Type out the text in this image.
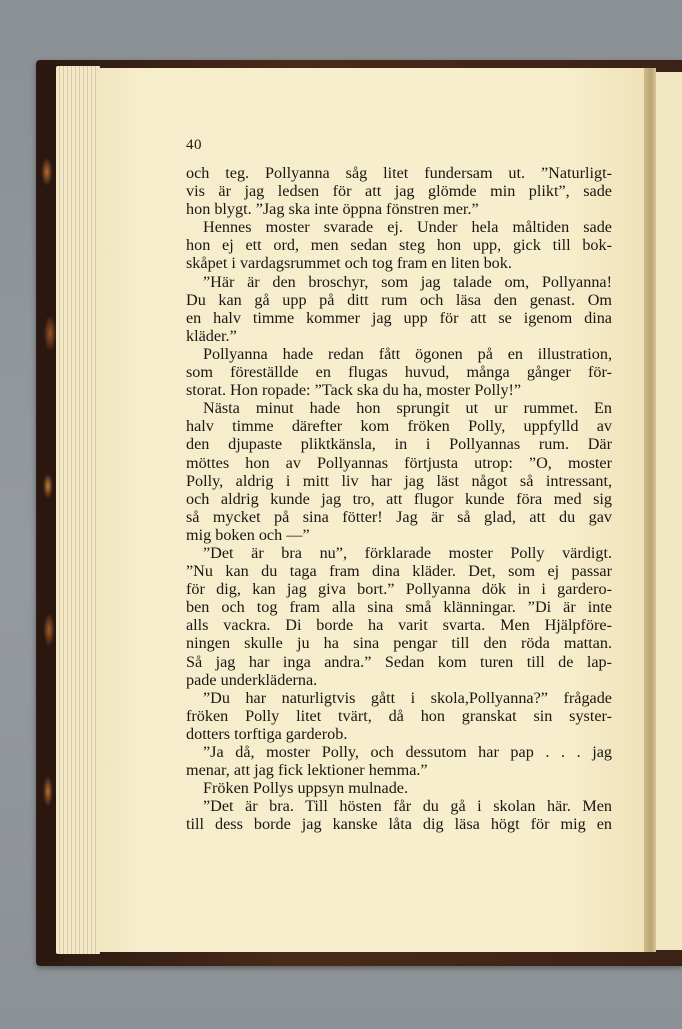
40
och teg. Pollyanna såg litet fundersam ut. ”Naturligt-
vis är jag ledsen för att jag glömde min plikt”, sade
hon blygt. ”Jag ska inte öppna fönstren mer.”
Hennes moster svarade ej. Under hela måltiden sade
hon ej ett ord, men sedan steg hon upp, gick till bok-
skåpet i vardagsrummet och tog fram en liten bok.
”Här är den broschyr, som jag talade om, Pollyanna!
Du kan gå upp på ditt rum och läsa den genast. Om
en halv timme kommer jag upp för att se igenom dina
kläder.”
Pollyanna hade redan fått ögonen på en illustration,
som föreställde en flugas huvud, många gånger för-
storat. Hon ropade: ”Tack ska du ha, moster Polly!”
Nästa minut hade hon sprungit ut ur rummet. En
halv timme därefter kom fröken Polly, uppfylld av
den djupaste pliktkänsla, in i Pollyannas rum. Där
möttes hon av Pollyannas förtjusta utrop: ”O, moster
Polly, aldrig i mitt liv har jag läst något så intressant,
och aldrig kunde jag tro, att flugor kunde föra med sig
så mycket på sina fötter! Jag är så glad, att du gav
mig boken och —”
”Det är bra nu”, förklarade moster Polly värdigt.
”Nu kan du taga fram dina kläder. Det, som ej passar
för dig, kan jag giva bort.” Pollyanna dök in i gardero-
ben och tog fram alla sina små klänningar. ”Di är inte
alls vackra. Di borde ha varit svarta. Men Hjälpföre-
ningen skulle ju ha sina pengar till den röda mattan.
Så jag har inga andra.” Sedan kom turen till de lap-
pade underkläderna.
”Du har naturligtvis gått i skola,Pollyanna?” frågade
fröken Polly litet tvärt, då hon granskat sin syster-
dotters torftiga garderob.
”Ja då, moster Polly, och dessutom har pap . . . jag
menar, att jag fick lektioner hemma.”
Fröken Pollys uppsyn mulnade.
”Det är bra. Till hösten får du gå i skolan här. Men
till dess borde jag kanske låta dig läsa högt för mig en
